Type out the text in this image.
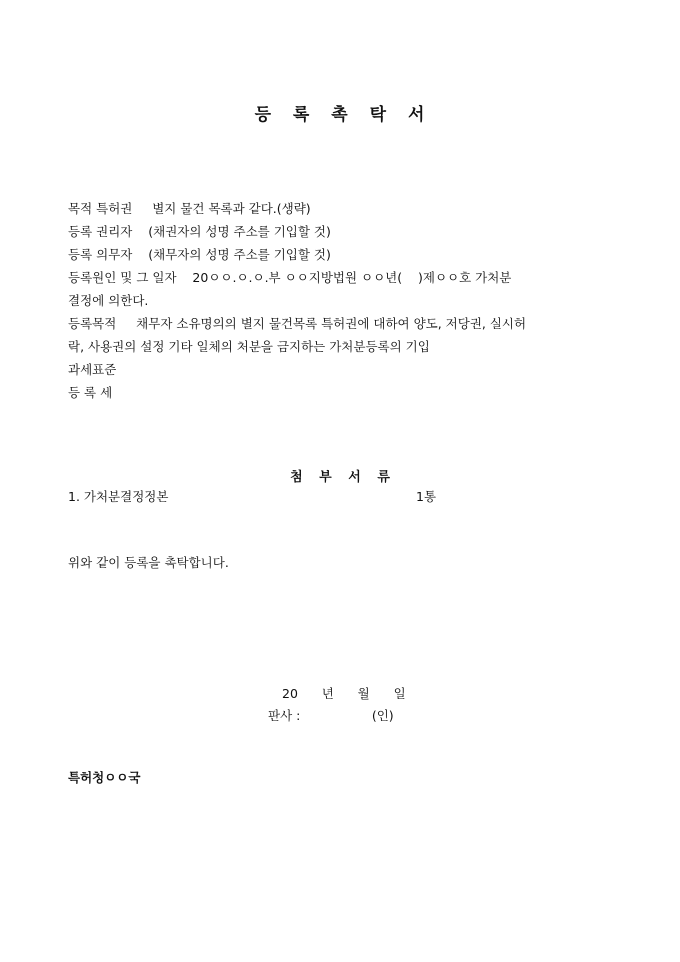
등 록 촉 탁 서
목적 특허권     별지 물건 목록과 같다.(생략)
등록 권리자    (채권자의 성명 주소를 기입할 것)
등록 의무자    (채무자의 성명 주소를 기입할 것)
등록원인 및 그 일자    20ㅇㅇ.ㅇ.ㅇ.부 ㅇㅇ지방법원 ㅇㅇ년(    )제ㅇㅇ호 가처분
결정에 의한다.
등록목적     채무자 소유명의의 별지 물건목록 특허권에 대하여 양도, 저당권, 실시허
락, 사용권의 설정 기타 일체의 처분을 금지하는 가처분등록의 기입
과세표준
등 록 세
첨 부 서 류
1. 가처분결정정본	1통
위와 같이 등록을 촉탁합니다.
20      년      월      일
판사 :                  (인)
특허청ㅇㅇ국
